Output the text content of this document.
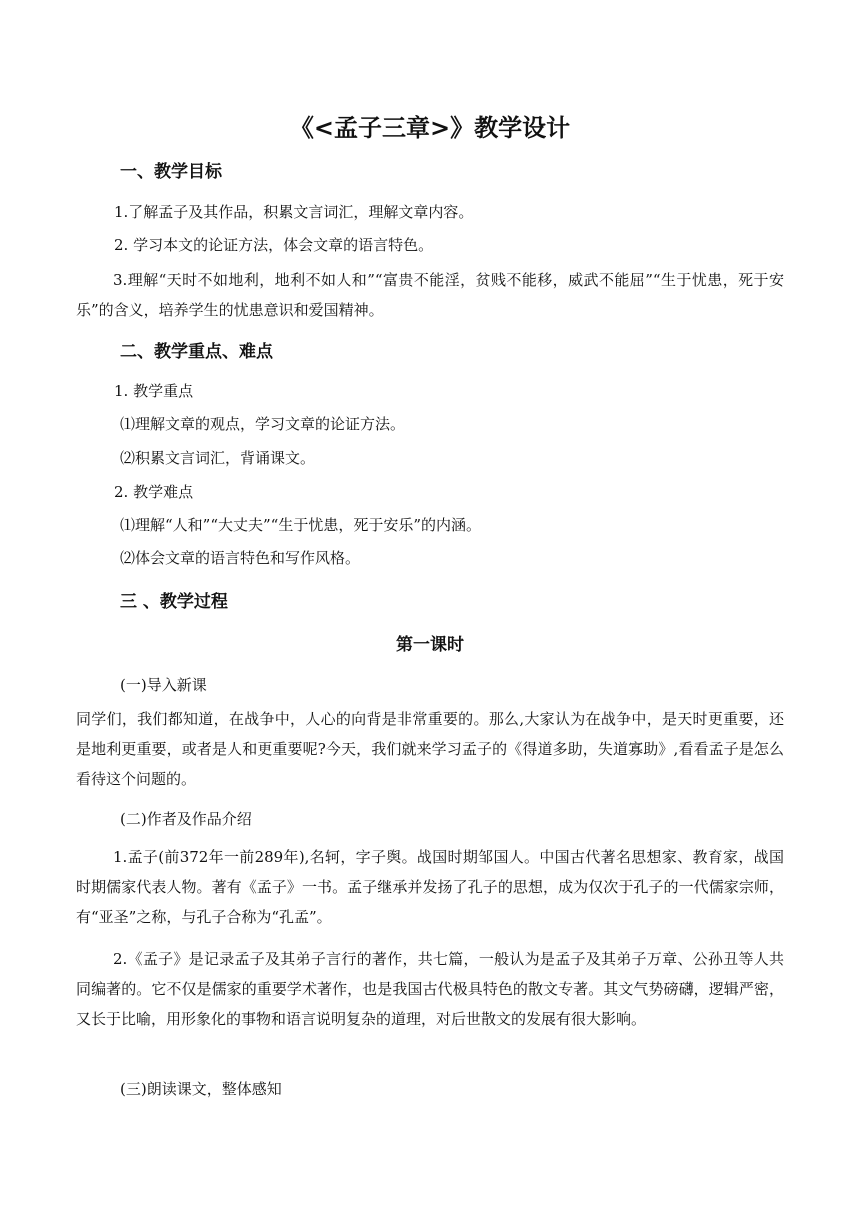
《<孟子三章>》教学设计
一、教学目标
1.了解孟子及其作品，积累文言词汇，理解文章内容。
2. 学习本文的论证方法，体会文章的语言特色。
3.理解“天时不如地利，地利不如人和”“富贵不能淫，贫贱不能移，威武不能屈”“生于忧患，死于安乐”的含义，培养学生的忧患意识和爱国精神。
二、教学重点、难点
1. 教学重点
⑴理解文章的观点，学习文章的论证方法。
⑵积累文言词汇，背诵课文。
2. 教学难点
⑴理解“人和”“大丈夫”“生于忧患，死于安乐”的内涵。
⑵体会文章的语言特色和写作风格。
三 、教学过程
第一课时
(一)导入新课
同学们，我们都知道，在战争中，人心的向背是非常重要的。那么,大家认为在战争中，是天时更重要，还是地利更重要，或者是人和更重要呢?今天，我们就来学习孟子的《得道多助，失道寡助》,看看孟子是怎么看待这个问题的。
(二)作者及作品介绍
1.孟子(前372年一前289年),名轲，字子舆。战国时期邹国人。中国古代著名思想家、教育家，战国时期儒家代表人物。著有《孟子》一书。孟子继承并发扬了孔子的思想，成为仅次于孔子的一代儒家宗师，有“亚圣”之称，与孔子合称为“孔孟”。
2.《孟子》是记录孟子及其弟子言行的著作，共七篇，一般认为是孟子及其弟子万章、公孙丑等人共同编著的。它不仅是儒家的重要学术著作，也是我国古代极具特色的散文专著。其文气势磅礴，逻辑严密，又长于比喻，用形象化的事物和语言说明复杂的道理，对后世散文的发展有很大影响。
(三)朗读课文，整体感知
